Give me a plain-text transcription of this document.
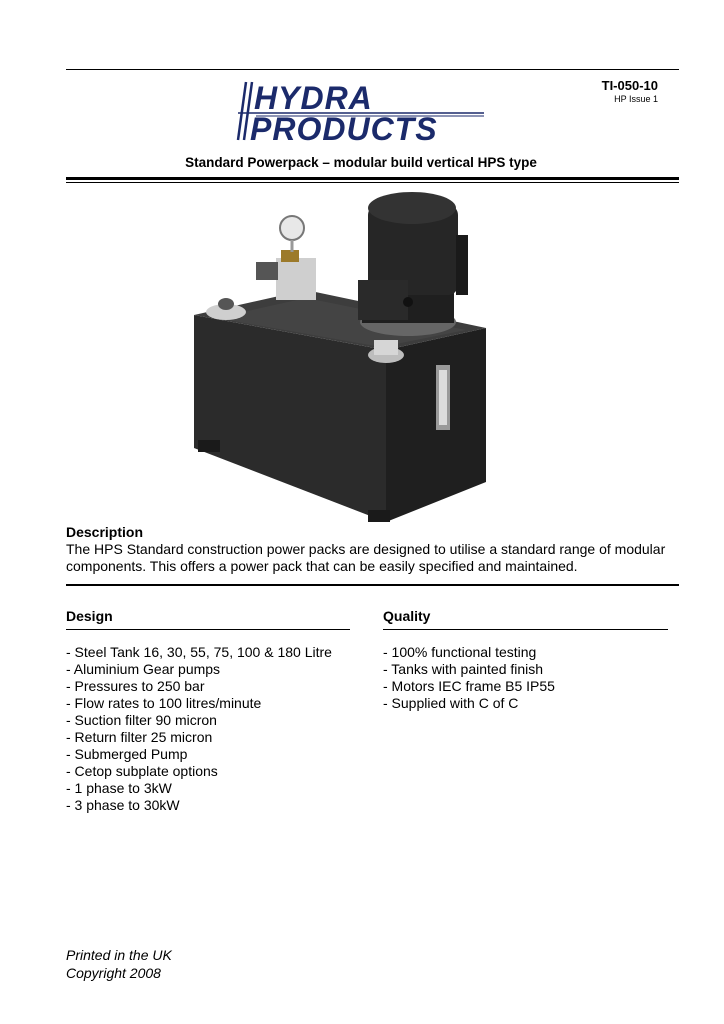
HYDRA
PRODUCTS
TI-050-10
HP Issue 1
Standard Powerpack – modular build vertical HPS type
Description

The HPS Standard construction power packs are designed to utilise a standard range of modular components. This offers a power pack that can be easily specified and maintained.

Design
- Steel Tank 16, 30, 55, 75, 100 & 180 Litre
- Aluminium Gear pumps
- Pressures to 250 bar
- Flow rates to 100 litres/minute
- Suction filter 90 micron
- Return filter 25 micron
- Submerged Pump
- Cetop subplate options
- 1 phase to 3kW
- 3 phase to 30kW
Quality
- 100% functional testing
- Tanks with painted finish
- Motors IEC frame B5 IP55
- Supplied with C of C
Printed in the UK
Copyright 2008
